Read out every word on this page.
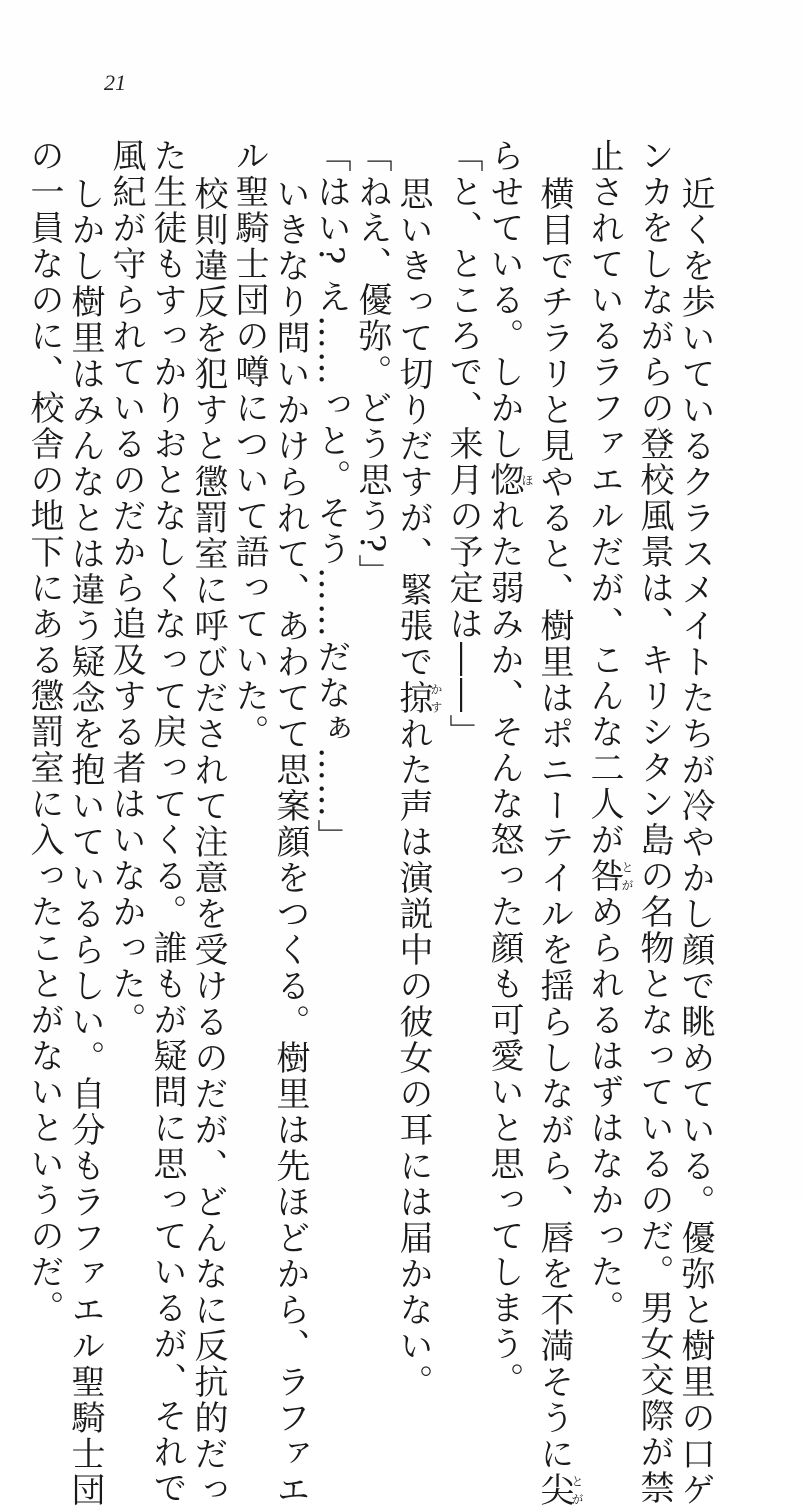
21
近くを歩いているクラスメイトたちが冷やかし顔で眺めている。優弥と樹里の口ゲ
ンカをしながらの登校風景は、キリシタン島の名物となっているのだ。男女交際が禁
止されているラファエルだが、こんな二人が咎とがめられるはずはなかった。
横目でチラリと見やると、樹里はポニーテイルを揺らしながら、唇を不満そうに尖とが
らせている。しかし惚ほれた弱みか、そんな怒った顔も可愛いと思ってしまう。
「と、ところで、来月の予定は――」
思いきって切りだすが、緊張で掠かすれた声は演説中の彼女の耳には届かない。
「ねえ、優弥。どう思う?」
「はい? え……っと。そう……だなぁ……」
いきなり問いかけられて、あわてて思案顔をつくる。樹里は先ほどから、ラファエ
ル聖騎士団の噂について語っていた。
校則違反を犯すと懲罰室に呼びだされて注意を受けるのだが、どんなに反抗的だっ
た生徒もすっかりおとなしくなって戻ってくる。誰もが疑問に思っているが、それで
風紀が守られているのだから追及する者はいなかった。
しかし樹里はみんなとは違う疑念を抱いているらしい。自分もラファエル聖騎士団
の一員なのに、校舎の地下にある懲罰室に入ったことがないというのだ。
